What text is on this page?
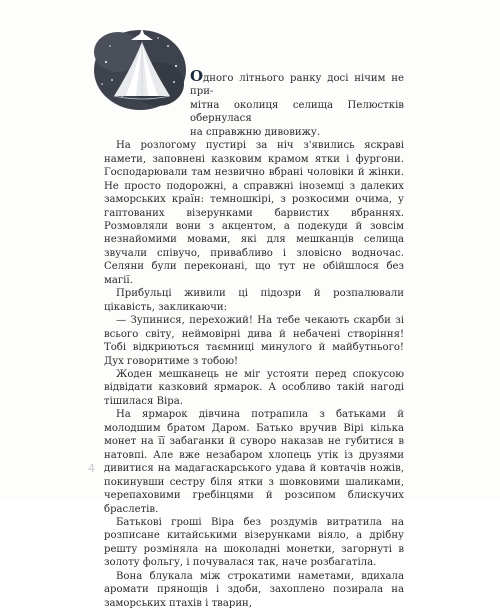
Одного літнього ранку досі нічим не при-
мітна околиця селища Пелюстків обернулася
на справжню дивовижу.

На розлогому пустирі за ніч з'явились яскраві намети, заповнені казковим крамом ятки і фургони. Господарювали там незвично вбрані чоловіки й жінки. Не просто подорожні, а справжні іноземці з далеких заморських країн: темношкірі, з розкосими очима, у гаптованих візерунками барвистих вбраннях. Розмовляли вони з акцентом, а подекуди й зовсім незнайомими мовами, які для мешканців селища звучали співучо, привабливо і зловісно водночас. Селяни були переконані, що тут не обійшлося без магії.

Прибульці живили ці підозри й розпалювали цікавість, закликаючи:

— Зупинися, перехожий! На тебе чекають скарби зі всього світу, неймовірні дива й небачені створіння! Тобі відкриються таємниці минулого й майбутнього! Дух говоритиме з тобою!

Жоден мешканець не міг устояти перед спокусою відвідати казковий ярмарок. А особливо такій нагоді тішилася Віра.

На ярмарок дівчина потрапила з батьками й молодшим братом Даром. Батько вручив Вірі кілька монет на її забаганки й суворо наказав не губитися в натовпі. Але вже незабаром хлопець утік із друзями дивитися на мадагаскарського удава й ковтачів ножів, покинувши сестру біля ятки з шовковими шаликами, черепаховими гребінцями й розсипом блискучих браслетів.

Батькові гроші Віра без роздумів витратила на розписане китайськими візерунками віяло, а дрібну решту розміняла на шоколадні монетки, загорнуті в золоту фольгу, і почувалася так, наче розбагатіла.

Вона блукала між строкатими наметами, вдихала аромати прянощів і здоби, захоплено позирала на заморських птахів і тварин,

4
